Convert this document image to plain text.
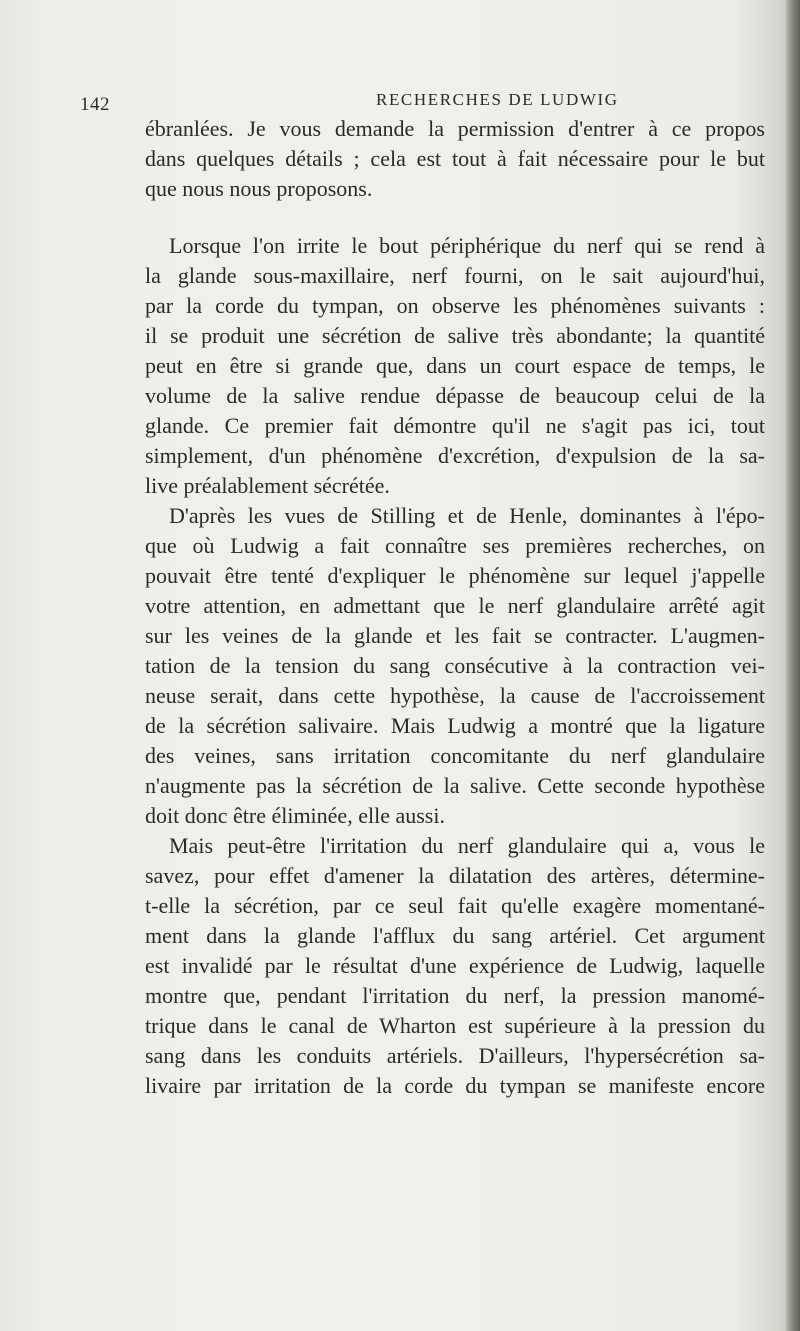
142	RECHERCHES DE LUDWIG
ébranlées. Je vous demande la permission d'entrer à ce propos
dans quelques détails ; cela est tout à fait nécessaire pour le but
que nous nous proposons.
Lorsque l'on irrite le bout périphérique du nerf qui se rend à
la glande sous-maxillaire, nerf fourni, on le sait aujourd'hui,
par la corde du tympan, on observe les phénomènes suivants :
il se produit une sécrétion de salive très abondante; la quantité
peut en être si grande que, dans un court espace de temps, le
volume de la salive rendue dépasse de beaucoup celui de la
glande. Ce premier fait démontre qu'il ne s'agit pas ici, tout
simplement, d'un phénomène d'excrétion, d'expulsion de la sa-
live préalablement sécrétée.
D'après les vues de Stilling et de Henle, dominantes à l'épo-
que où Ludwig a fait connaître ses premières recherches, on
pouvait être tenté d'expliquer le phénomène sur lequel j'appelle
votre attention, en admettant que le nerf glandulaire arrêté agit
sur les veines de la glande et les fait se contracter. L'augmen-
tation de la tension du sang consécutive à la contraction vei-
neuse serait, dans cette hypothèse, la cause de l'accroissement
de la sécrétion salivaire. Mais Ludwig a montré que la ligature
des veines, sans irritation concomitante du nerf glandulaire
n'augmente pas la sécrétion de la salive. Cette seconde hypothèse
doit donc être éliminée, elle aussi.
Mais peut-être l'irritation du nerf glandulaire qui a, vous le
savez, pour effet d'amener la dilatation des artères, détermine-
t-elle la sécrétion, par ce seul fait qu'elle exagère momentané-
ment dans la glande l'afflux du sang artériel. Cet argument
est invalidé par le résultat d'une expérience de Ludwig, laquelle
montre que, pendant l'irritation du nerf, la pression manomé-
trique dans le canal de Wharton est supérieure à la pression du
sang dans les conduits artériels. D'ailleurs, l'hypersécrétion sa-
livaire par irritation de la corde du tympan se manifeste encore
